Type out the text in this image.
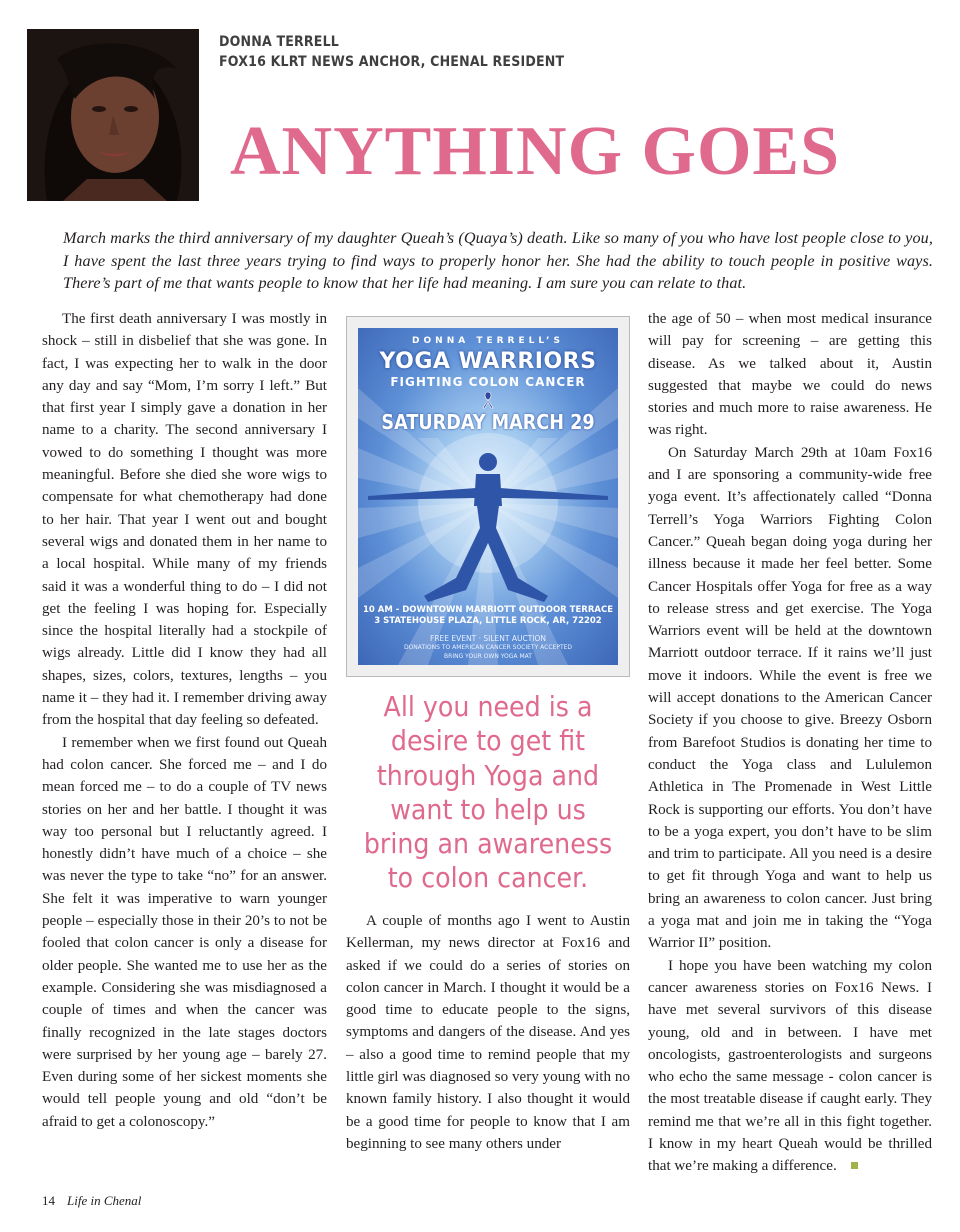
DONNA TERRELL
FOX16 KLRT NEWS ANCHOR, CHENAL RESIDENT
ANYTHING GOES

March marks the third anniversary of my daughter Queah’s (Quaya’s) death. Like so many of you who have lost people close to you, I have spent the last three years trying to find ways to properly honor her. She had the ability to touch people in positive ways. There’s part of me that wants people to know that her life had meaning. I am sure you can relate to that.

The first death anniversary I was mostly in shock – still in disbelief that she was gone. In fact, I was expecting her to walk in the door any day and say “Mom, I’m sorry I left.” But that first year I simply gave a donation in her name to a charity. The second anniversary I vowed to do something I thought was more meaningful. Before she died she wore wigs to compensate for what chemotherapy had done to her hair. That year I went out and bought several wigs and donated them in her name to a local hospital. While many of my friends said it was a wonderful thing to do – I did not get the feeling I was hoping for. Especially since the hospital literally had a stockpile of wigs already. Little did I know they had all shapes, sizes, colors, textures, lengths – you name it – they had it. I remember driving away from the hospital that day feeling so defeated.

I remember when we first found out Queah had colon cancer. She forced me – and I do mean forced me – to do a couple of TV news stories on her and her battle. I thought it was way too personal but I reluctantly agreed. I honestly didn’t have much of a choice – she was never the type to take “no” for an answer. She felt it was imperative to warn younger people – especially those in their 20’s to not be fooled that colon cancer is only a disease for older people. She wanted me to use her as the example. Considering she was misdiagnosed a couple of times and when the cancer was finally recognized in the late stages doctors were surprised by her young age – barely 27. Even during some of her sickest moments she would tell people young and old “don’t be afraid to get a colonoscopy.”

DONNA TERRELL’S
YOGA WARRIORS
FIGHTING COLON CANCER
SATURDAY MARCH 29
10 AM - DOWNTOWN MARRIOTT OUTDOOR TERRACE
3 STATEHOUSE PLAZA, LITTLE ROCK, AR, 72202
FREE EVENT · SILENT AUCTION
DONATIONS TO AMERICAN CANCER SOCIETY ACCEPTED
BRING YOUR OWN YOGA MAT
All you need is a desire to get fit through Yoga and want to help us bring an awareness to colon cancer.

A couple of months ago I went to Austin Kellerman, my news director at Fox16 and asked if we could do a series of stories on colon cancer in March. I thought it would be a good time to educate people to the signs, symptoms and dangers of the disease. And yes – also a good time to remind people that my little girl was diagnosed so very young with no known family history. I also thought it would be a good time for people to know that I am beginning to see many others under

the age of 50 – when most medical insurance will pay for screening – are getting this disease. As we talked about it, Austin suggested that maybe we could do news stories and much more to raise awareness. He was right.

On Saturday March 29th at 10am Fox16 and I are sponsoring a community-wide free yoga event. It’s affectionately called “Donna Terrell’s Yoga Warriors Fighting Colon Cancer.” Queah began doing yoga during her illness because it made her feel better. Some Cancer Hospitals offer Yoga for free as a way to release stress and get exercise. The Yoga Warriors event will be held at the downtown Marriott outdoor terrace. If it rains we’ll just move it indoors. While the event is free we will accept donations to the American Cancer Society if you choose to give. Breezy Osborn from Barefoot Studios is donating her time to conduct the Yoga class and Lululemon Athletica in The Promenade in West Little Rock is supporting our efforts. You don’t have to be a yoga expert, you don’t have to be slim and trim to participate. All you need is a desire to get fit through Yoga and want to help us bring an awareness to colon cancer. Just bring a yoga mat and join me in taking the “Yoga Warrior II” position.

I hope you have been watching my colon cancer awareness stories on Fox16 News. I have met several survivors of this disease young, old and in between. I have met oncologists, gastroenterologists and surgeons who echo the same message - colon cancer is the most treatable disease if caught early. They remind me that we’re all in this fight together. I know in my heart Queah would be thrilled that we’re making a difference.

14 Life in Chenal
